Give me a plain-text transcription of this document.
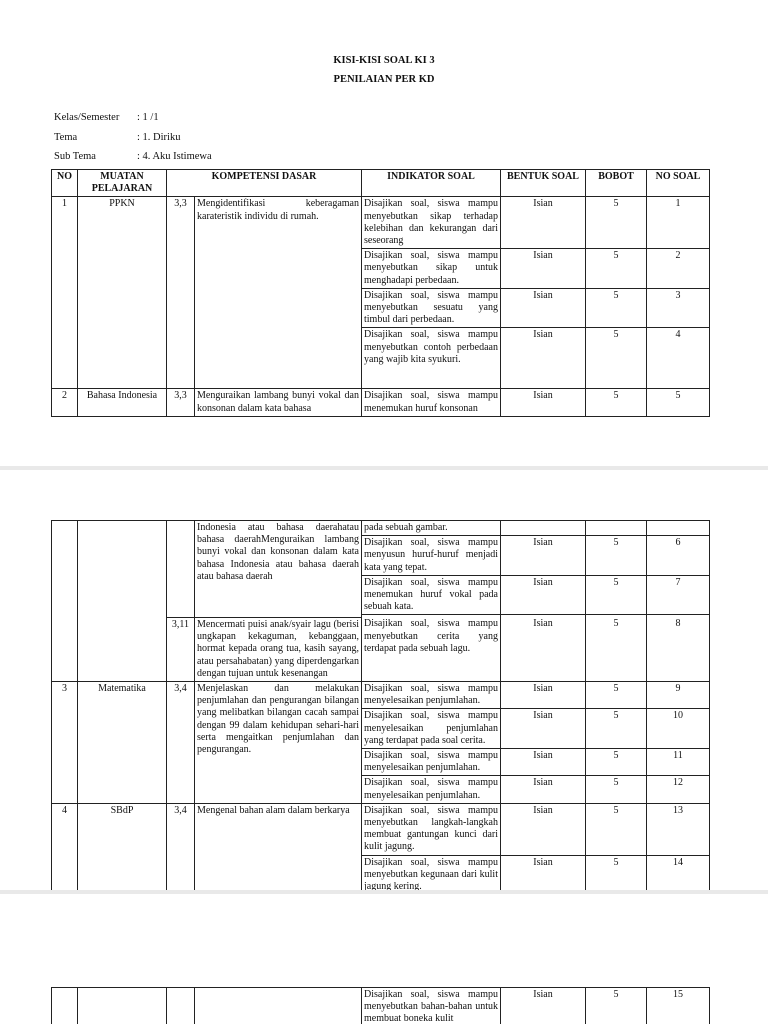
KISI-KISI SOAL KI 3
PENILAIAN PER KD
Kelas/Semester : 1 /1
Tema	: 1. Diriku
Sub Tema	: 4. Aku Istimewa
NO	MUATAN PELAJARAN	KOMPETENSI DASAR		INDIKATOR SOAL	BENTUK SOAL	BOBOT	NO SOAL
1	PPKN	3,3	Mengidentifikasi keberagaman karateristik individu di rumah.	Disajikan soal, siswa mampu menyebutkan sikap terhadap kelebihan dan kekurangan dari seseorang	Isian	5	1
				Disajikan soal, siswa mampu menyebutkan sikap untuk menghadapi perbedaan.	Isian	5	2
				Disajikan soal, siswa mampu menyebutkan sesuatu yang timbul dari perbedaan.	Isian	5	3
				Disajikan soal, siswa mampu menyebutkan contoh perbedaan yang wajib kita syukuri.	Isian	5	4
2	Bahasa Indonesia	3,3	Menguraikan lambang bunyi vokal dan konsonan dalam kata bahasa	Disajikan soal, siswa mampu menemukan huruf konsonan	Isian	5	5
			Indonesia atau bahasa daerahatau bahasa daerahMenguraikan lambang bunyi vokal dan konsonan dalam kata bahasa Indonesia atau bahasa daerah atau bahasa daerah	pada sebuah gambar.			
				Disajikan soal, siswa mampu menyusun huruf-huruf menjadi kata yang tepat.	Isian	5	6
				Disajikan soal, siswa mampu menemukan huruf vokal pada sebuah kata.	Isian	5	7

		3,11	Mencermati puisi anak/syair lagu (berisi ungkapan kekaguman, kebanggaan, hormat kepada orang tua, kasih sayang, atau persahabatan) yang diperdengarkan dengan tujuan untuk kesenangan	Disajikan soal, siswa mampu menyebutkan cerita yang terdapat pada sebuah lagu.	Isian	5	8
3	Matematika	3,4	Menjelaskan dan melakukan penjumlahan dan pengurangan bilangan yang melibatkan bilangan cacah sampai dengan 99 dalam kehidupan sehari-hari serta mengaitkan penjumlahan dan pengurangan.	Disajikan soal, siswa mampu menyelesaikan penjumlahan.	Isian	5	9
				Disajikan soal, siswa mampu menyelesaikan penjumlahan yang terdapat pada soal cerita.	Isian	5	10
				Disajikan soal, siswa mampu menyelesaikan penjumlahan.	Isian	5	11
				Disajikan soal, siswa mampu menyelesaikan penjumlahan.	Isian	5	12
4	SBdP	3,4	Mengenal bahan alam dalam berkarya	Disajikan soal, siswa mampu menyebutkan langkah-langkah membuat gantungan kunci dari kulit jagung.	Isian	5	13
				Disajikan soal, siswa mampu menyebutkan kegunaan dari kulit jagung kering.	Isian	5	14
				Disajikan soal, siswa mampu menyebutkan bahan-bahan untuk membuat boneka kulit	Isian	5	15
